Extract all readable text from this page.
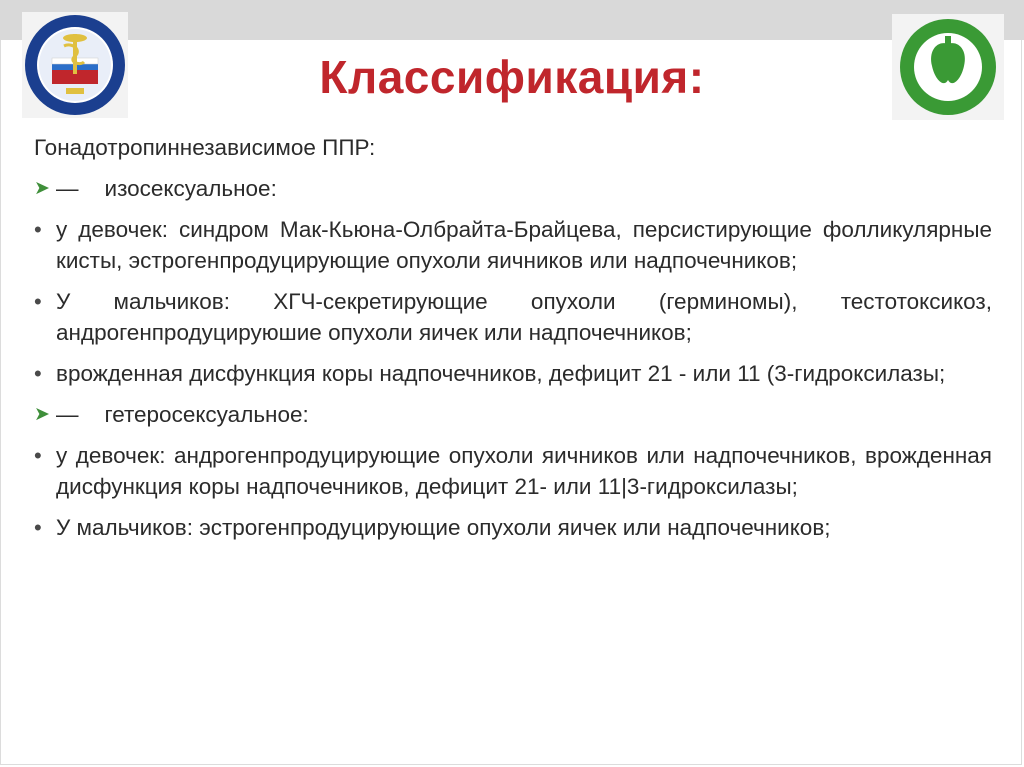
Классификация:
Гонадотропиннезависимое ППР:
➤ — изосексуальное:
• у девочек: синдром Мак-Кьюна-Олбрайта-Брайцева, персистирующие фолликулярные кисты, эстрогенпродуцирующие опухоли яичников или надпочечников;
• У мальчиков: ХГЧ-секретирующие опухоли (герминомы), тестотоксикоз, андрогенпродуцируюшие опухоли яичек или надпочечников;
• врожденная дисфункция коры надпочечников, дефицит 21 - или 11 (3-гидроксилазы;
➤ — гетеросексуальное:
• у девочек: андрогенпродуцирующие опухоли яичников или надпочечников, врожденная дисфункция коры надпочечников, дефицит 21- или 11|3-гидроксилазы;
• У мальчиков: эстрогенпродуцирующие опухоли яичек или надпочечников;
